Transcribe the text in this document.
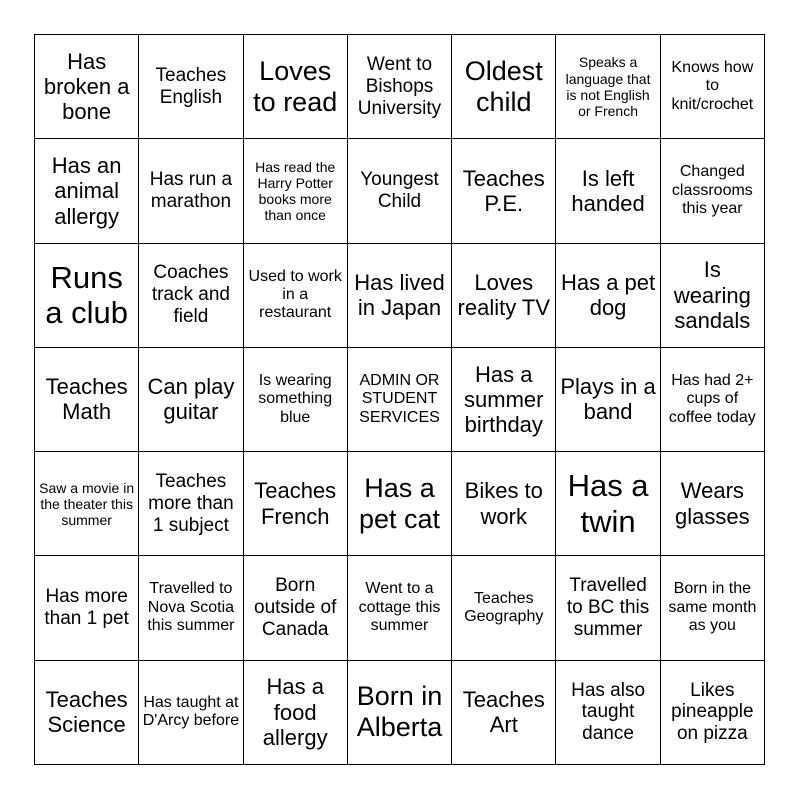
Has broken a bone
Teaches English
Loves to read
Went to Bishops University
Oldest child
Speaks a language that is not English or French
Knows how to knit/crochet
Has an animal allergy
Has run a marathon
Has read the Harry Potter books more than once
Youngest Child
Teaches P.E.
Is left handed
Changed classrooms this year
Runs a club
Coaches track and field
Used to work in a restaurant
Has lived in Japan
Loves reality TV
Has a pet dog
Is wearing sandals
Teaches Math
Can play guitar
Is wearing something blue
ADMIN OR STUDENT SERVICES
Has a summer birthday
Plays in a band
Has had 2+ cups of coffee today
Saw a movie in the theater this summer
Teaches more than 1 subject
Teaches French
Has a pet cat
Bikes to work
Has a twin
Wears glasses
Has more than 1 pet
Travelled to Nova Scotia this summer
Born outside of Canada
Went to a cottage this summer
Teaches Geography
Travelled to BC this summer
Born in the same month as you
Teaches Science
Has taught at D'Arcy before
Has a food allergy
Born in Alberta
Teaches Art
Has also taught dance
Likes pineapple on pizza
